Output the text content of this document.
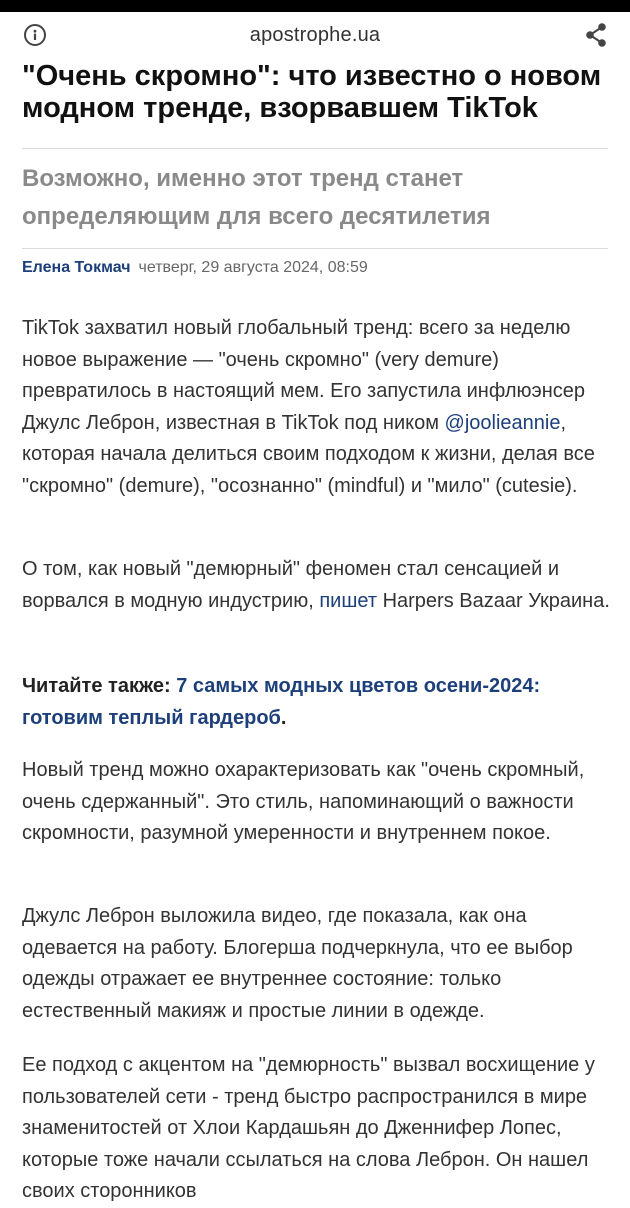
apostrophe.ua
"Очень скромно": что известно о новом модном тренде, взорвавшем TikTok
Возможно, именно этот тренд станет определяющим для всего десятилетия
Елена Токмач четверг, 29 августа 2024, 08:59

TikTok захватил новый глобальный тренд: всего за неделю новое выражение — "очень скромно" (very demure) превратилось в настоящий мем. Его запустила инфлюэнсер Джулс Леброн, известная в TikTok под ником @joolieannie, которая начала делиться своим подходом к жизни, делая все "скромно" (demure), "осознанно" (mindful) и "мило" (cutesie).

О том, как новый "демюрный" феномен стал сенсацией и ворвался в модную индустрию, пишет Harpers Bazaar Украина.

Читайте также: 7 самых модных цветов осени-2024: готовим теплый гардероб.

Новый тренд можно охарактеризовать как "очень скромный, очень сдержанный". Это стиль, напоминающий о важности скромности, разумной умеренности и внутреннем покое.

Джулс Леброн выложила видео, где показала, как она одевается на работу. Блогерша подчеркнула, что ее выбор одежды отражает ее внутреннее состояние: только естественный макияж и простые линии в одежде.

Ее подход с акцентом на "демюрность" вызвал восхищение у пользователей сети - тренд быстро распространился в мире знаменитостей от Хлои Кардашьян до Дженнифер Лопес, которые тоже начали ссылаться на слова Леброн. Он нашел своих сторонников
